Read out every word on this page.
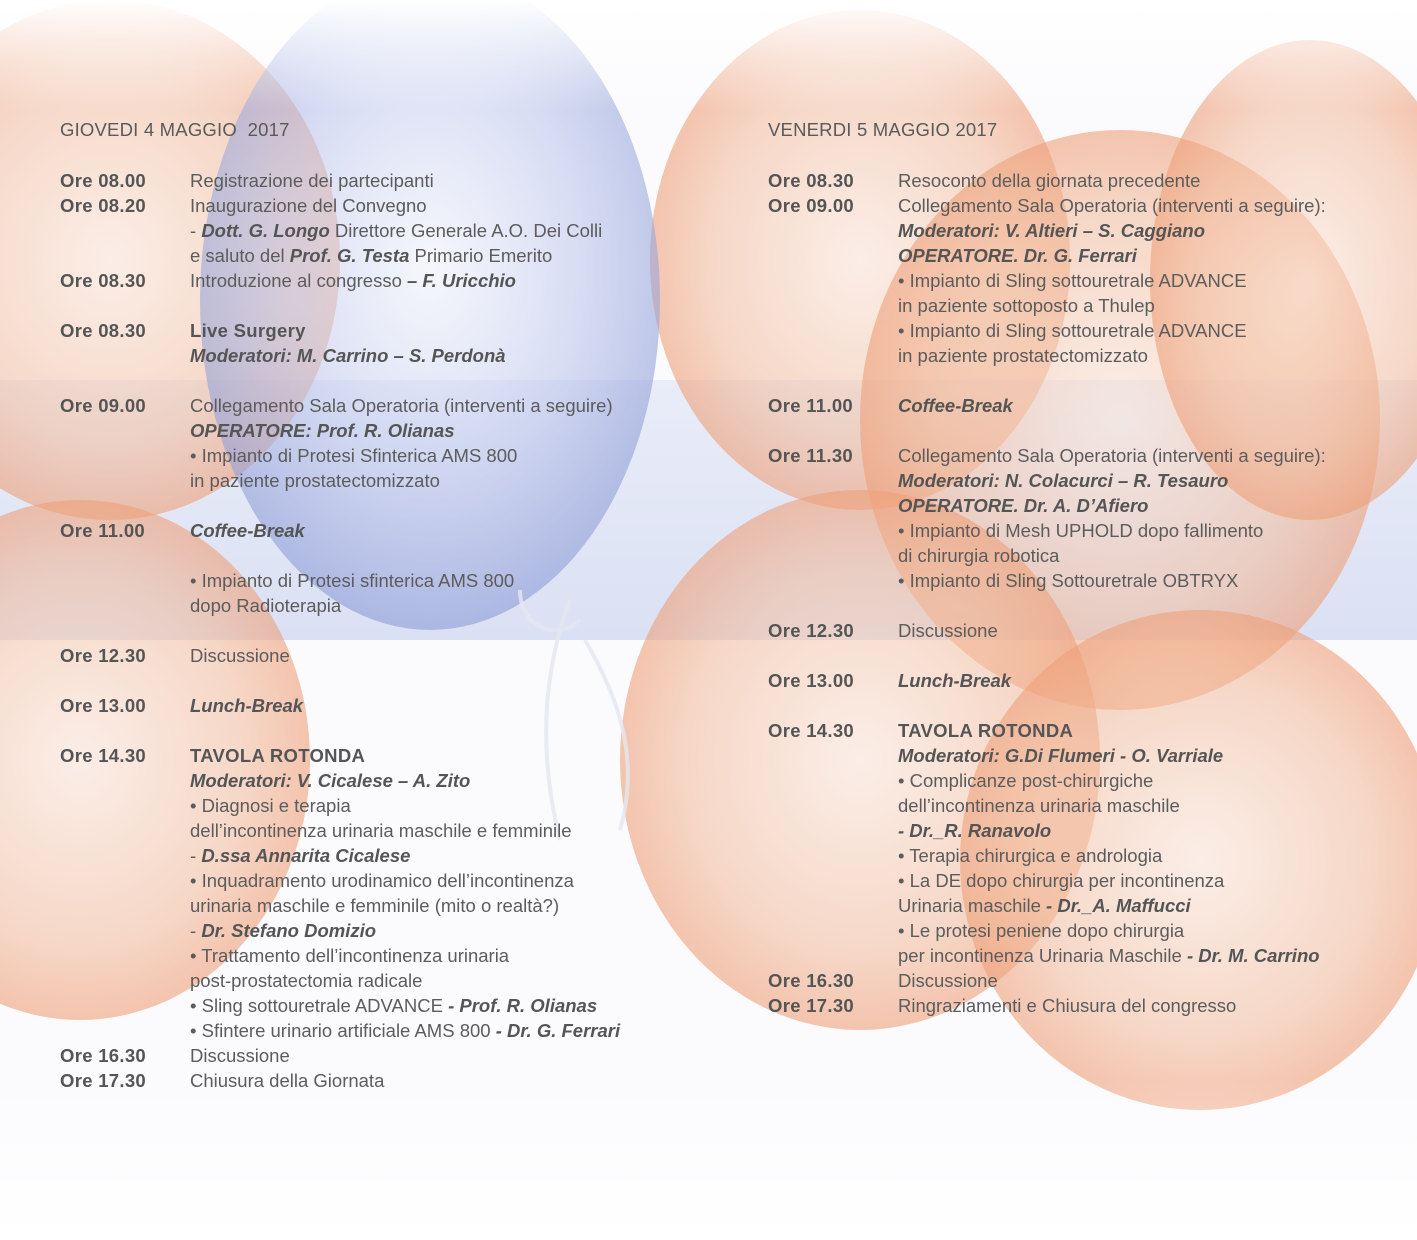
GIOVEDI 4 MAGGIO  2017
Ore 08.00	Registrazione dei partecipanti
Ore 08.20	Inaugurazione del Convegno
- Dott. G. Longo Direttore Generale A.O. Dei Colli
e saluto del Prof. G. Testa Primario Emerito
Ore 08.30	Introduzione al congresso – F. Uricchio
Ore 08.30	Live Surgery
Moderatori: M. Carrino – S. Perdonà
Ore 09.00	Collegamento Sala Operatoria (interventi a seguire)
OPERATORE: Prof. R. Olianas
• Impianto di Protesi Sfinterica AMS 800
in paziente prostatectomizzato
Ore 11.00	Coffee-Break
• Impianto di Protesi sfinterica AMS 800
dopo Radioterapia
Ore 12.30	Discussione
Ore 13.00	Lunch-Break
Ore 14.30	TAVOLA ROTONDA
Moderatori: V. Cicalese – A. Zito
• Diagnosi e terapia
dell’incontinenza urinaria maschile e femminile
- D.ssa Annarita Cicalese
• Inquadramento urodinamico dell’incontinenza
urinaria maschile e femminile (mito o realtà?)
- Dr. Stefano Domizio
• Trattamento dell’incontinenza urinaria
post-prostatectomia radicale
• Sling sottouretrale ADVANCE - Prof. R. Olianas
• Sfintere urinario artificiale AMS 800 - Dr. G. Ferrari
Ore 16.30	Discussione
Ore 17.30	Chiusura della Giornata
VENERDI 5 MAGGIO 2017
Ore 08.30	Resoconto della giornata precedente
Ore 09.00	Collegamento Sala Operatoria (interventi a seguire):
Moderatori: V. Altieri – S. Caggiano
OPERATORE. Dr. G. Ferrari
• Impianto di Sling sottouretrale ADVANCE
in paziente sottoposto a Thulep
• Impianto di Sling sottouretrale ADVANCE
in paziente prostatectomizzato
Ore 11.00	Coffee-Break
Ore 11.30	Collegamento Sala Operatoria (interventi a seguire):
Moderatori: N. Colacurci – R. Tesauro
OPERATORE. Dr. A. D’Afiero
• Impianto di Mesh UPHOLD dopo fallimento
di chirurgia robotica
• Impianto di Sling Sottouretrale OBTRYX
Ore 12.30	Discussione
Ore 13.00	Lunch-Break
Ore 14.30	TAVOLA ROTONDA
Moderatori: G.Di Flumeri - O. Varriale
• Complicanze post-chirurgiche
dell’incontinenza urinaria maschile
- Dr._R. Ranavolo
• Terapia chirurgica e andrologia
• La DE dopo chirurgia per incontinenza
Urinaria maschile - Dr._A. Maffucci
• Le protesi peniene dopo chirurgia
per incontinenza Urinaria Maschile - Dr. M. Carrino
Ore 16.30	Discussione
Ore 17.30	Ringraziamenti e Chiusura del congresso
